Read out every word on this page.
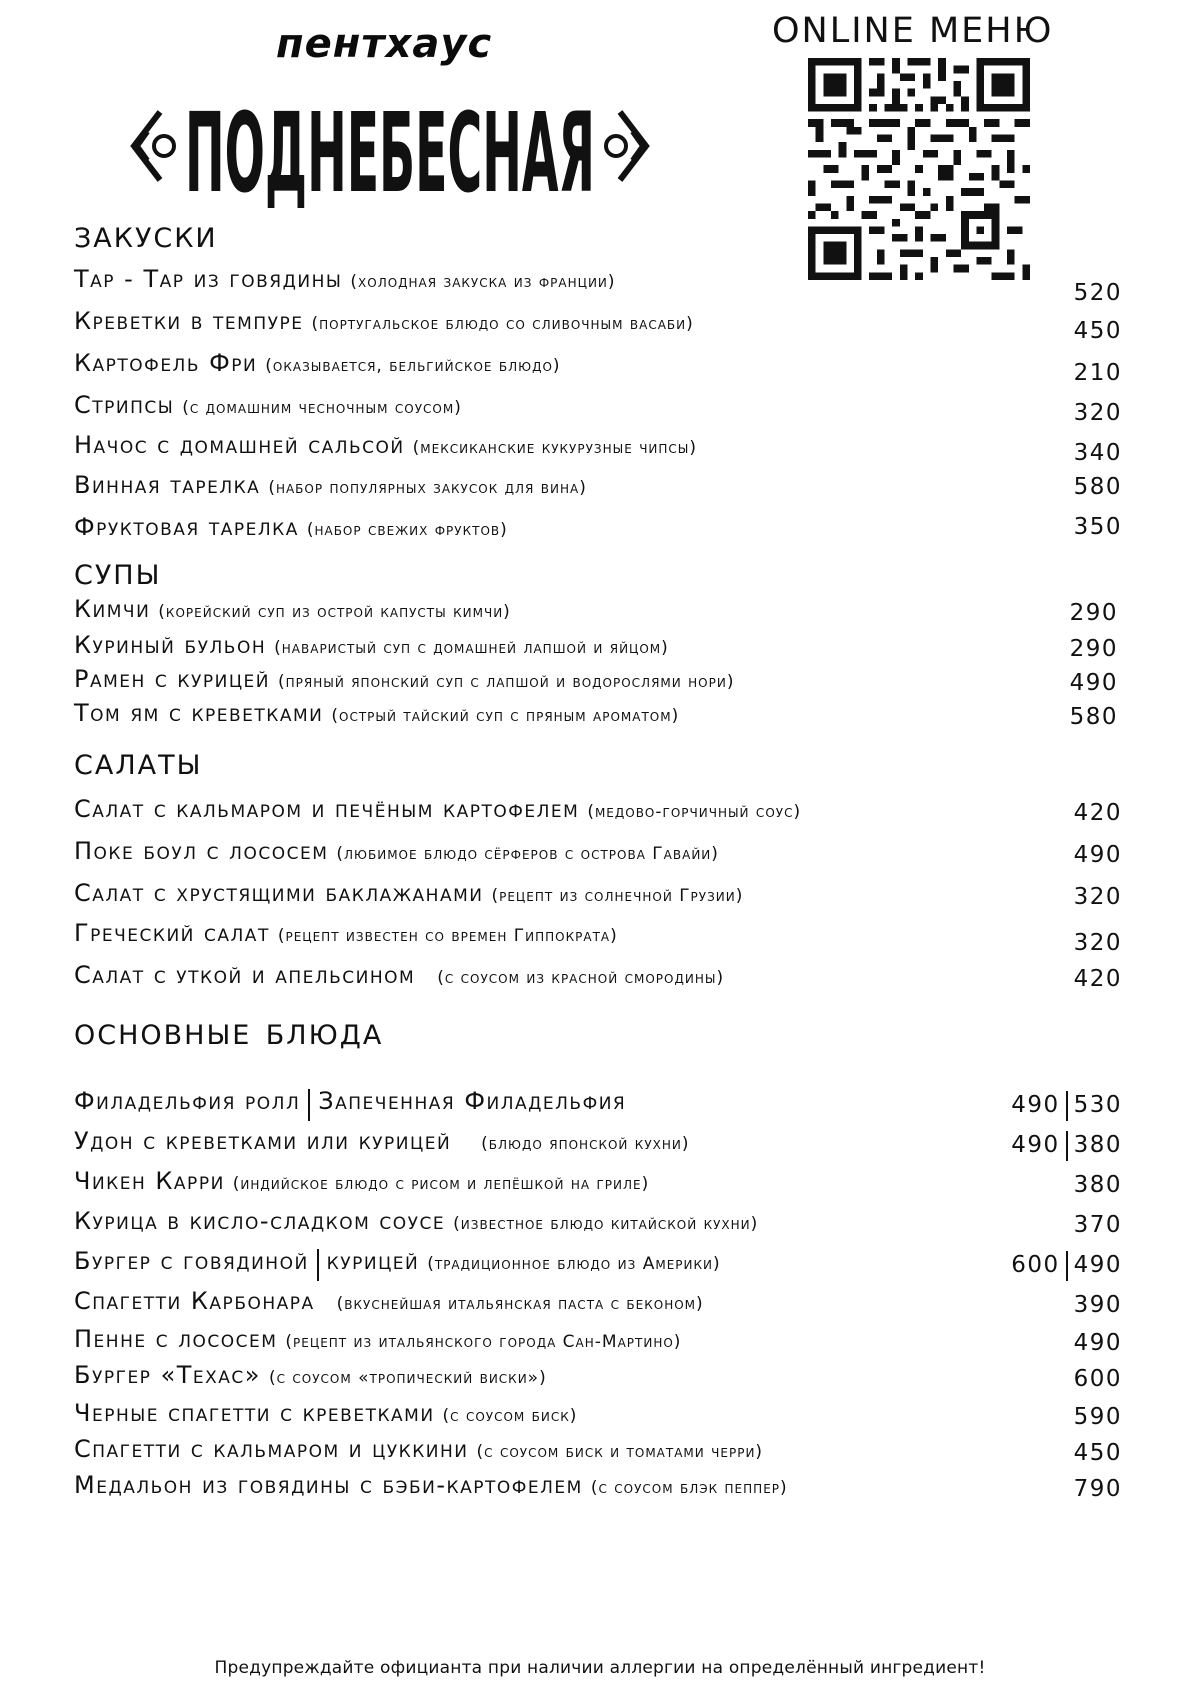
пентхаус
ПОДНЕБЕСНАЯ
ONLINE МЕНЮ
закуски
Тар - Тар из говядины (холодная закуска из франции)	520
Креветки в темпуре (португальское блюдо со сливочным васаби)	450
Картофель Фри (оказывается, бельгийское блюдо)	210
Стрипсы (с домашним чесночным соусом)	320
Начос с домашней сальсой (мексиканские кукурузные чипсы)	340
Винная тарелка (набор популярных закусок для вина)	580
Фруктовая тарелка (набор свежих фруктов)	350
супы
Кимчи (корейский суп из острой капусты кимчи)	290
Куриный бульон (наваристый суп с домашней лапшой и яйцом)	290
Рамен с курицей (пряный японский суп с лапшой и водорослями нори)	490
Том ям с креветками (острый тайский суп с пряным ароматом)	580
салаты
Салат с кальмаром и печёным картофелем (медово-горчичный соус)	420
Поке боул с лососем (любимое блюдо сёрферов с острова Гавайи)	490
Салат с хрустящими баклажанами (рецепт из солнечной Грузии)	320
Греческий салат (рецепт известен со времен Гиппократа)	320
Салат с уткой и апельсином (с соусом из красной смородины)	420
основные блюда
Филадельфия ролл Запеченная Филадельфия	490 530
Удон с креветками или курицей (блюдо японской кухни)	490 380
Чикен Карри (индийское блюдо с рисом и лепёшкой на гриле)	380
Курица в кисло-сладком соусе (известное блюдо китайской кухни)	370
Бургер с говядиной курицей (традиционное блюдо из Америки)	600 490
Спагетти Карбонара (вкуснейшая итальянская паста с беконом)	390
Пенне с лососем (рецепт из итальянского города Сан-Мартино)	490
Бургер «Техас» (с соусом «тропический виски»)	600
Черные спагетти с креветками (с соусом биск)	590
Спагетти с кальмаром и цуккини (с соусом биск и томатами черри)	450
Медальон из говядины с бэби-картофелем (с соусом блэк пеппер)	790
Предупреждайте официанта при наличии аллергии на определённый ингредиент!
